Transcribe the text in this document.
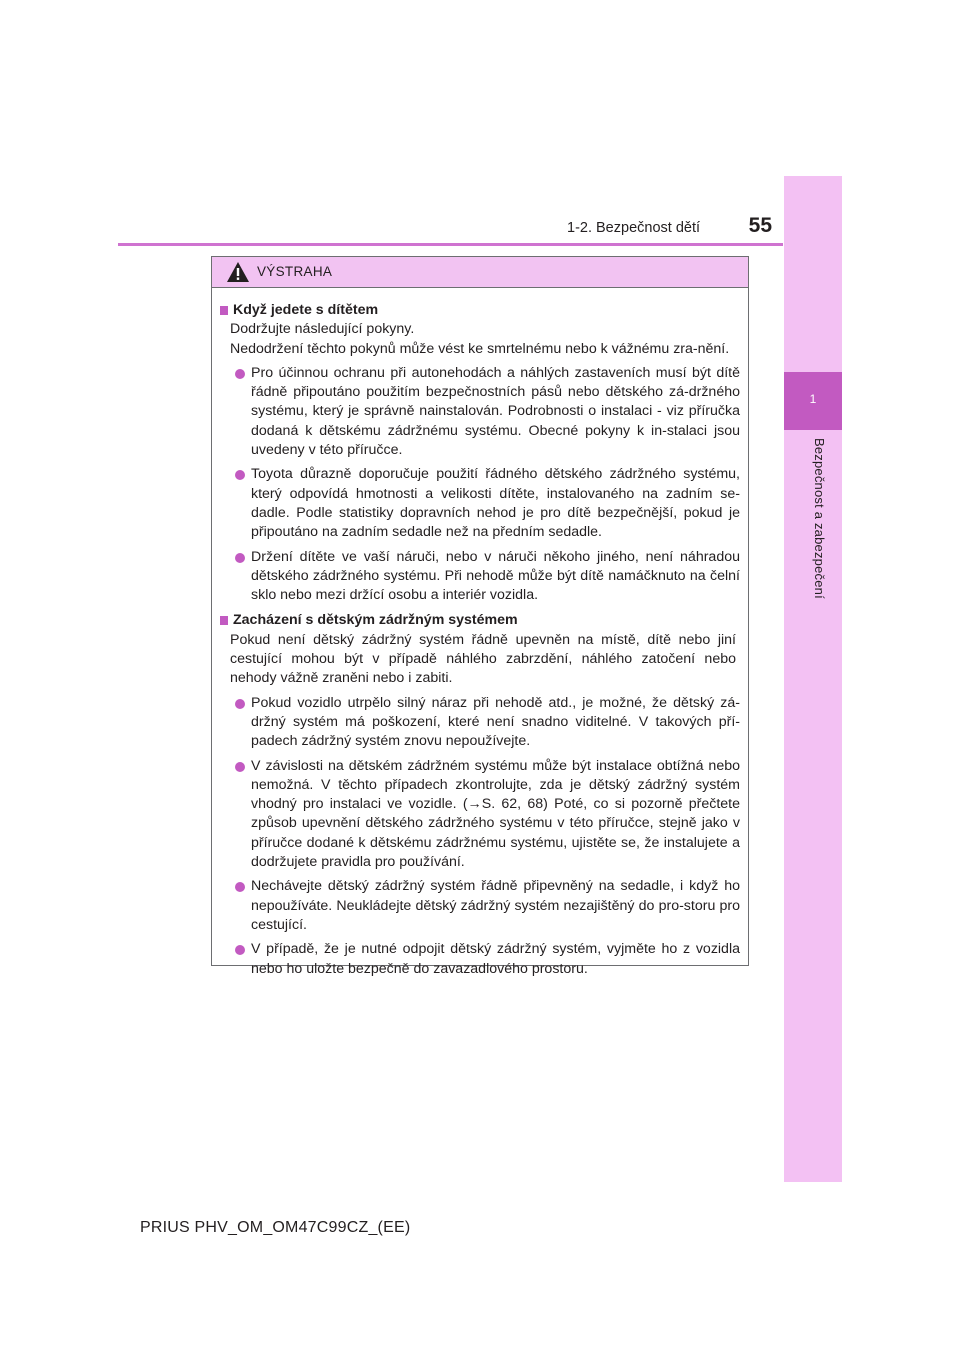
1
Bezpečnost a zabezpečení
1-2. Bezpečnost dětí	55
VÝSTRAHA
Když jedete s dítětem
Dodržujte následující pokyny.
Nedodržení těchto pokynů může vést ke smrtelnému nebo k vážnému zra-nění.
Pro účinnou ochranu při autonehodách a náhlých zastaveních musí být dítě řádně připoutáno použitím bezpečnostních pásů nebo dětského zá-držného systému, který je správně nainstalován. Podrobnosti o instalaci - viz příručka dodaná k dětskému zádržnému systému. Obecné pokyny k in-stalaci jsou uvedeny v této příručce.
Toyota důrazně doporučuje použití řádného dětského zádržného systému, který odpovídá hmotnosti a velikosti dítěte, instalovaného na zadním se-dadle. Podle statistiky dopravních nehod je pro dítě bezpečnější, pokud je připoutáno na zadním sedadle než na předním sedadle.
Držení dítěte ve vaší náruči, nebo v náruči někoho jiného, není náhradou dětského zádržného systému. Při nehodě může být dítě namáčknuto na čelní sklo nebo mezi držící osobu a interiér vozidla.
Zacházení s dětským zádržným systémem
Pokud není dětský zádržný systém řádně upevněn na místě, dítě nebo jiní cestující mohou být v případě náhlého zabrzdění, náhlého zatočení nebo nehody vážně zraněni nebo i zabiti.
Pokud vozidlo utrpělo silný náraz při nehodě atd., je možné, že dětský zá-držný systém má poškození, které není snadno viditelné. V takových pří-padech zádržný systém znovu nepoužívejte.
V závislosti na dětském zádržném systému může být instalace obtížná nebo nemožná. V těchto případech zkontrolujte, zda je dětský zádržný systém vhodný pro instalaci ve vozidle. (→S. 62, 68) Poté, co si pozorně přečtete způsob upevnění dětského zádržného systému v této příručce, stejně jako v příručce dodané k dětskému zádržnému systému, ujistěte se, že instalujete a dodržujete pravidla pro používání.
Nechávejte dětský zádržný systém řádně připevněný na sedadle, i když ho nepoužíváte. Neukládejte dětský zádržný systém nezajištěný do pro-storu pro cestující.
V případě, že je nutné odpojit dětský zádržný systém, vyjměte ho z vozidla nebo ho uložte bezpečně do zavazadlového prostoru.
PRIUS PHV_OM_OM47C99CZ_(EE)
